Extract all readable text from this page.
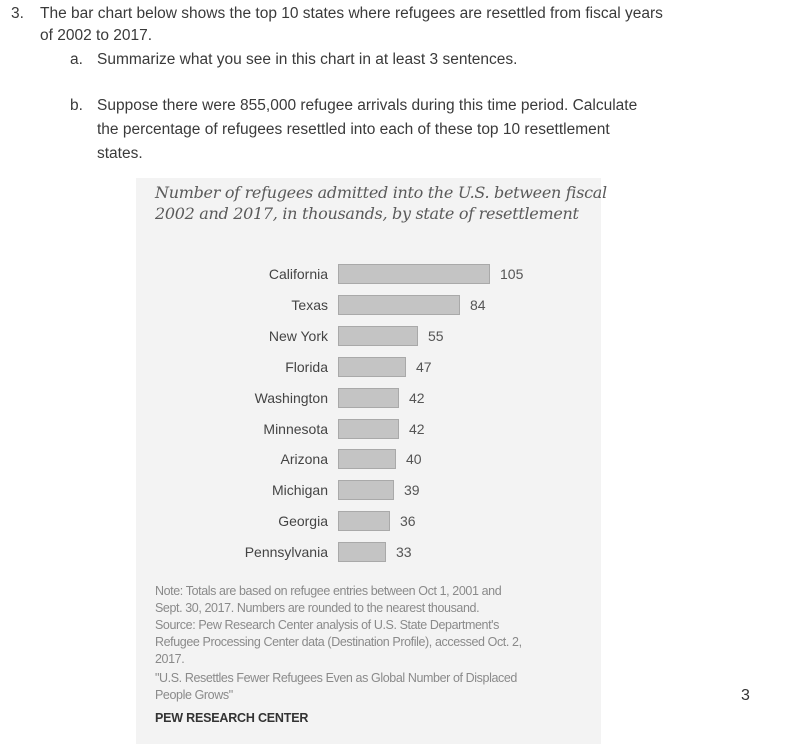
3. The bar chart below shows the top 10 states where refugees are resettled from fiscal years
of 2002 to 2017.
a. Summarize what you see in this chart in at least 3 sentences.
b. Suppose there were 855,000 refugee arrivals during this time period. Calculate
the percentage of refugees resettled into each of these top 10 resettlement
states.
Number of refugees admitted into the U.S. between fiscal
2002 and 2017, in thousands, by state of resettlement
California	105
Texas	84
New York	55
Florida	47
Washington	42
Minnesota	42
Arizona	40
Michigan	39
Georgia	36
Pennsylvania	33
Note: Totals are based on refugee entries between Oct 1, 2001 and
Sept. 30, 2017. Numbers are rounded to the nearest thousand.
Source: Pew Research Center analysis of U.S. State Department's
Refugee Processing Center data (Destination Profile), accessed Oct. 2,
2017.
"U.S. Resettles Fewer Refugees Even as Global Number of Displaced
People Grows"
PEW RESEARCH CENTER
3
